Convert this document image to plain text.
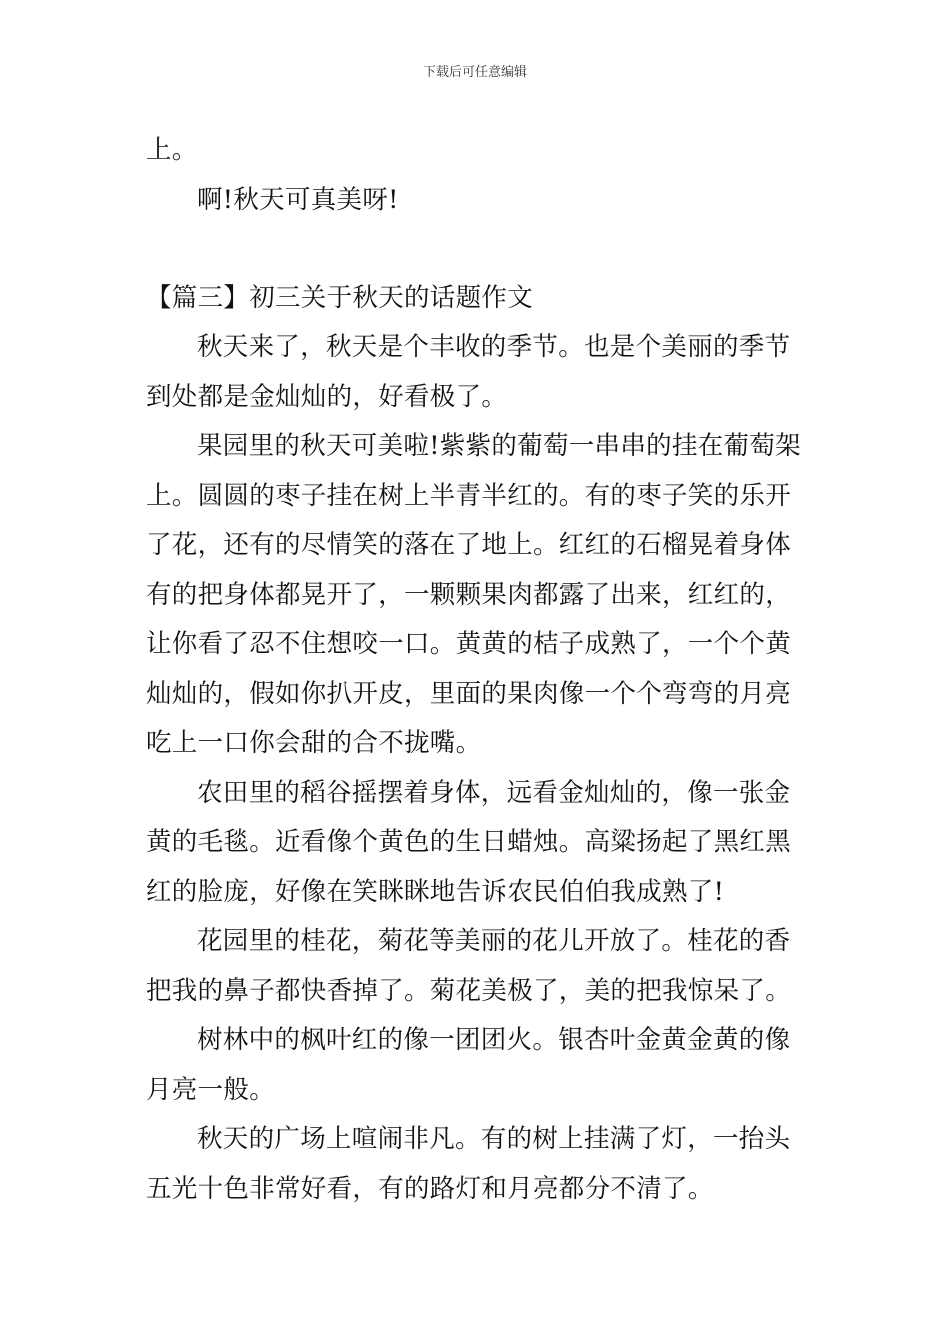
下载后可任意编辑
上。
啊!秋天可真美呀!
【篇三】初三关于秋天的话题作文
秋天来了，秋天是个丰收的季节。也是个美丽的季节
到处都是金灿灿的，好看极了。
果园里的秋天可美啦!紫紫的葡萄一串串的挂在葡萄架
上。圆圆的枣子挂在树上半青半红的。有的枣子笑的乐开
了花，还有的尽情笑的落在了地上。红红的石榴晃着身体
有的把身体都晃开了，一颗颗果肉都露了出来，红红的，
让你看了忍不住想咬一口。黄黄的桔子成熟了，一个个黄
灿灿的，假如你扒开皮，里面的果肉像一个个弯弯的月亮
吃上一口你会甜的合不拢嘴。
农田里的稻谷摇摆着身体，远看金灿灿的，像一张金
黄的毛毯。近看像个黄色的生日蜡烛。高粱扬起了黑红黑
红的脸庞，好像在笑眯眯地告诉农民伯伯我成熟了!
花园里的桂花，菊花等美丽的花儿开放了。桂花的香
把我的鼻子都快香掉了。菊花美极了，美的把我惊呆了。
树林中的枫叶红的像一团团火。银杏叶金黄金黄的像
月亮一般。
秋天的广场上喧闹非凡。有的树上挂满了灯，一抬头
五光十色非常好看，有的路灯和月亮都分不清了。
